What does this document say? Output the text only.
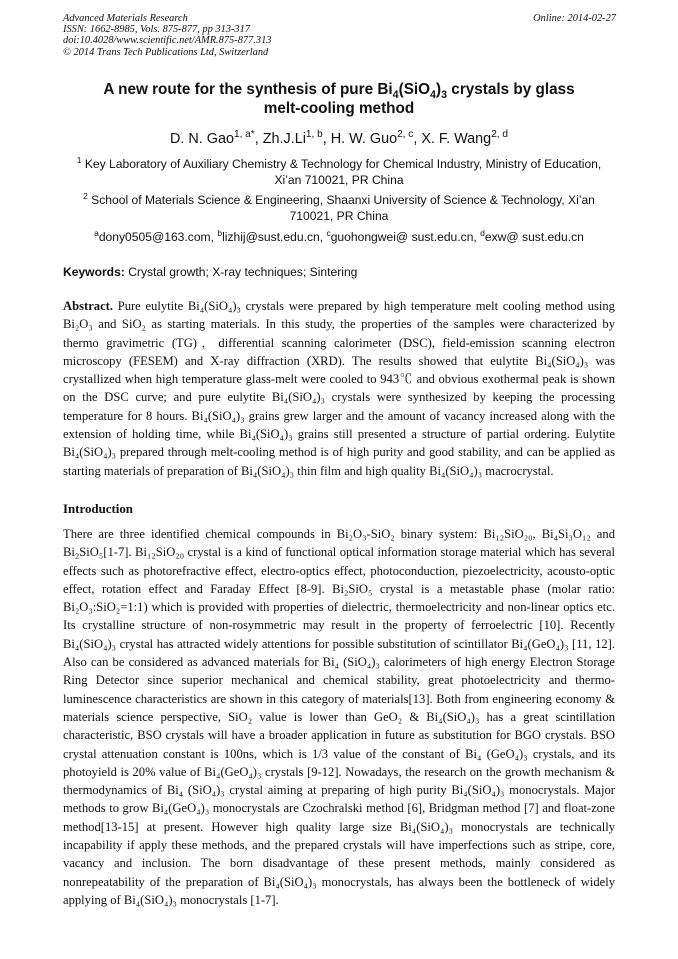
Advanced Materials Research
ISSN: 1662-8985, Vols. 875-877, pp 313-317
doi:10.4028/www.scientific.net/AMR.875-877.313
© 2014 Trans Tech Publications Ltd, Switzerland
Online: 2014-02-27
A new route for the synthesis of pure $Bi_4(SiO_4)_3$ crystals by glass
melt-cooling method
D. N. Gao$^{1, a*}$, Zh.J.Li$^{1, b}$, H. W. Guo$^{2, c}$, X. F. Wang$^{2, d}$
$^1$ Key Laboratory of Auxiliary Chemistry & Technology for Chemical Industry, Ministry of Education, Xi’an 710021, PR China
$^2$ School of Materials Science & Engineering, Shaanxi University of Science & Technology, Xi’an 710021, PR China
$^a$dony0505@163.com, $^b$lizhij@sust.edu.cn, $^c$guohongwei@ sust.edu.cn, $^d$exw@ sust.edu.cn
Keywords: Crystal growth; X-ray techniques; Sintering
Abstract. Pure eulytite Bi₄(SiO₄)₃ crystals were prepared by high temperature melt cooling method using Bi₂O₃ and SiO₂ as starting materials. In this study, the properties of the samples were characterized by thermo gravimetric (TG)，differential scanning calorimeter (DSC), field-emission scanning electron microscopy (FESEM) and X-ray diffraction (XRD). The results showed that eulytite Bi₄(SiO₄)₃ was crystallized when high temperature glass-melt were cooled to 943℃ and obvious exothermal peak is shown on the DSC curve; and pure eulytite Bi₄(SiO₄)₃ crystals were synthesized by keeping the processing temperature for 8 hours. Bi₄(SiO₄)₃ grains grew larger and the amount of vacancy increased along with the extension of holding time, while Bi₄(SiO₄)₃ grains still presented a structure of partial ordering. Eulytite Bi₄(SiO₄)₃ prepared through melt-cooling method is of high purity and good stability, and can be applied as starting materials of preparation of Bi₄(SiO₄)₃ thin film and high quality Bi₄(SiO₄)₃ macrocrystal.
Introduction
There are three identified chemical compounds in Bi₂O₃-SiO₂ binary system: Bi₁₂SiO₂₀, Bi₄Si₃O₁₂ and Bi₂SiO₅[1-7]. Bi₁₂SiO₂₀ crystal is a kind of functional optical information storage material which has several effects such as photorefractive effect, electro-optics effect, photoconduction, piezoelectricity, acousto-optic effect, rotation effect and Faraday Effect [8-9]. Bi₂SiO₅ crystal is a metastable phase (molar ratio: Bi₂O₃:SiO₂=1:1) which is provided with properties of dielectric, thermoelectricity and non-linear optics etc. Its crystalline structure of non-rosymmetric may result in the property of ferroelectric [10]. Recently Bi₄(SiO₄)₃ crystal has attracted widely attentions for possible substitution of scintillator Bi₄(GeO₄)₃ [11, 12]. Also can be considered as advanced materials for Bi₄ (SiO₄)₃ calorimeters of high energy Electron Storage Ring Detector since superior mechanical and chemical stability, great photoelectricity and thermo-luminescence characteristics are shown in this category of materials[13]. Both from engineering economy & materials science perspective, SiO₂ value is lower than GeO₂ & Bi₄(SiO₄)₃ has a great scintillation characteristic, BSO crystals will have a broader application in future as substitution for BGO crystals. BSO crystal attenuation constant is 100ns, which is 1/3 value of the constant of Bi₄ (GeO₄)₃ crystals, and its photoyield is 20% value of Bi₄(GeO₄)₃ crystals [9-12]. Nowadays, the research on the growth mechanism & thermodynamics of Bi₄ (SiO₄)₃ crystal aiming at preparing of high purity Bi₄(SiO₄)₃ monocrystals. Major methods to grow Bi₄(GeO₄)₃ monocrystals are Czochralski method [6], Bridgman method [7] and float-zone method[13-15] at present. However high quality large size Bi₄(SiO₄)₃ monocrystals are technically incapability if apply these methods, and the prepared crystals will have imperfections such as stripe, core, vacancy and inclusion. The born disadvantage of these present methods, mainly considered as nonrepeatability of the preparation of Bi₄(SiO₄)₃ monocrystals, has always been the bottleneck of widely applying of Bi₄(SiO₄)₃ monocrystals [1-7].
